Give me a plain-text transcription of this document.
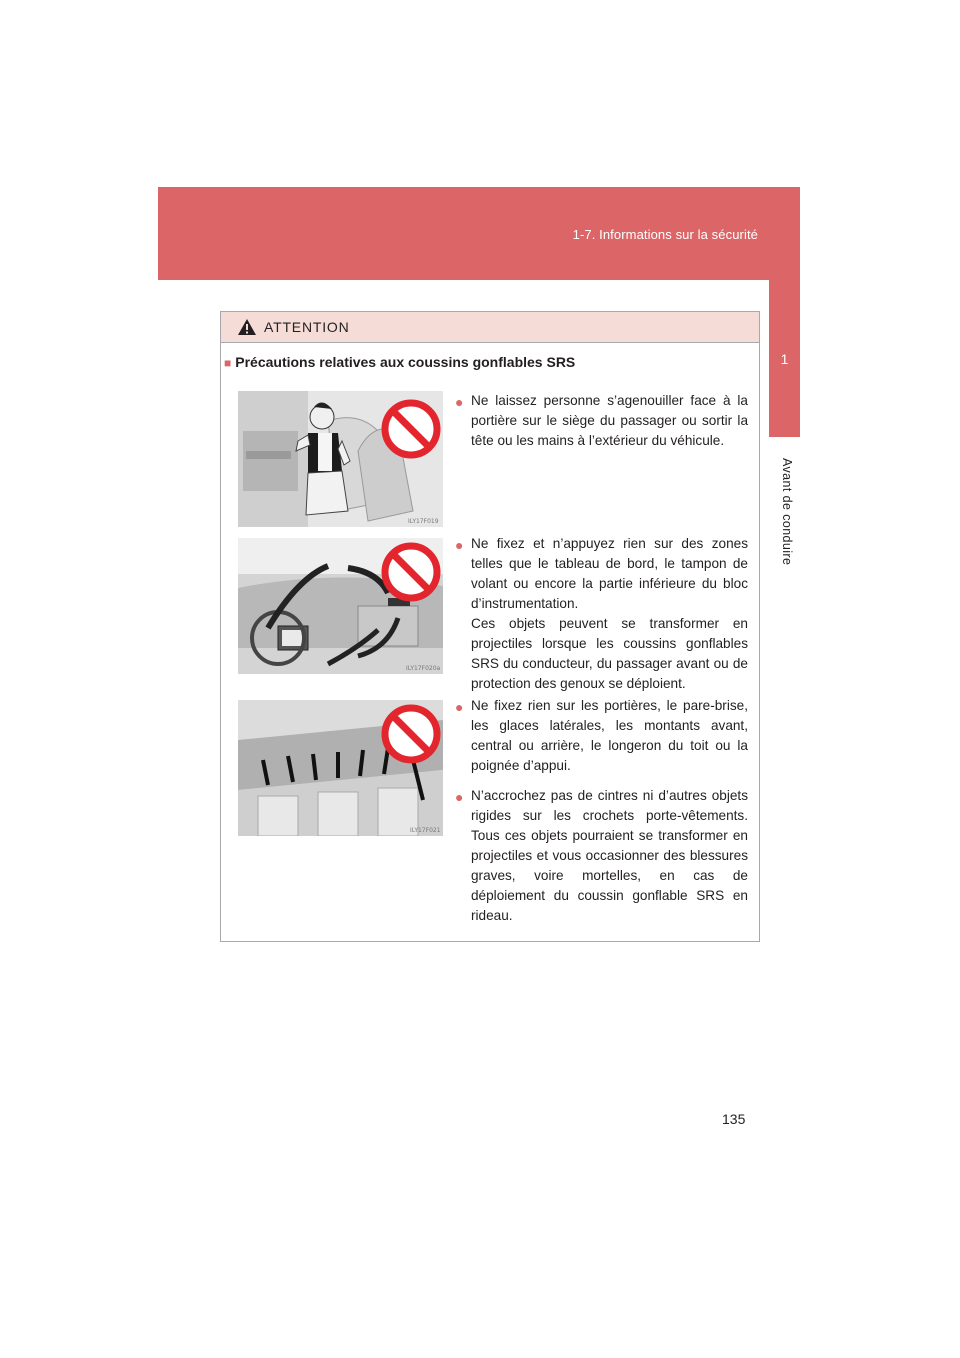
1-7. Informations sur la sécurité
1
Avant de conduire
135
ATTENTION
■ Précautions relatives aux coussins gonflables SRS
ILY17F019
ILY17F020a
ILY17F021
● Ne laissez personne s’agenouiller face à la portière sur le siège du passager ou sortir la tête ou les mains à l’extérieur du véhicule.

● Ne fixez et n’appuyez rien sur des zones telles que le tableau de bord, le tampon de volant ou encore la partie inférieure du bloc d’instrumentation.

Ces objets peuvent se transformer en projectiles lorsque les coussins gonflables SRS du conducteur, du passager avant ou de protection des genoux se déploient.

● Ne fixez rien sur les portières, le pare-brise, les glaces latérales, les montants avant, central ou arrière, le longeron du toit ou la poignée d’appui.

● N’accrochez pas de cintres ni d’autres objets rigides sur les crochets porte-vêtements. Tous ces objets pourraient se transformer en projectiles et vous occasionner des blessures graves, voire mortelles, en cas de déploiement du coussin gonflable SRS en rideau.
